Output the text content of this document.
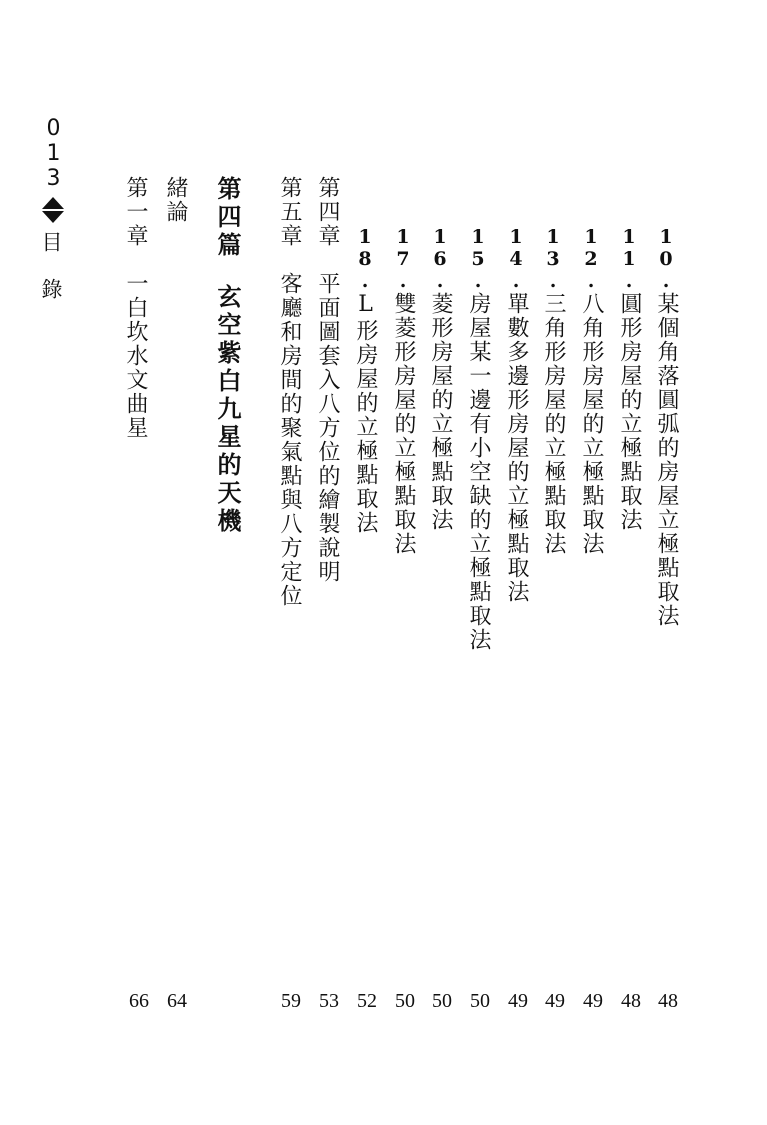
013
目錄	10.某個角落圓弧的房屋立極點取法
11.圓形房屋的立極點取法
12.八角形房屋的立極點取法
13.三角形房屋的立極點取法
14.單數多邊形房屋的立極點取法
15.房屋某一邊有小空缺的立極點取法
16.菱形房屋的立極點取法
17.雙菱形房屋的立極點取法
18.L形房屋的立極點取法
第四章平面圖套入八方位的繪製說明
第五章客廳和房間的聚氣點與八方定位
第四篇玄空紫白九星的天機
緒論
第一章一白坎水文曲星
48
48
49
49
49
50
50
50
52
53
59
64
66
